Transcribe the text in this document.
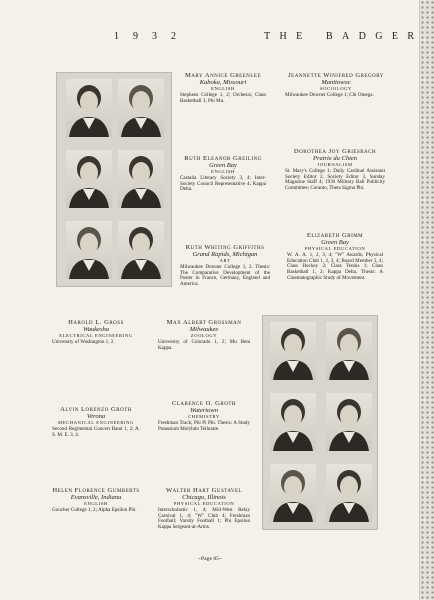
1 9 3 2	T H E
B A D G E R
Mary Annice Greenlee
Kahoka, Missouri
ENGLISH
Stephens College 1, 2; Orchesis; Class Basketball 3; Phi Mu.
Jeannette Winifred Gregory
Manitowoc
SOCIOLOGY
Milwaukee Downer College 1; Chi Omega.
Ruth Eleanor Greiling
Green Bay
ENGLISH
Castalia Literary Society 3, 4; Inter-Society Council Representative 4; Kappa Delta.
Dorothea Joy Griesbach
Prairie du Chien
JOURNALISM
St. Mary's College 1; Daily Cardinal Assistant Society Editor 2, Society Editor 3, Sunday Magazine Staff 4; 1930 Military Ball Publicity Committee; Coranto, Theta Sigma Phi.
Ruth Whiting Griffiths
Grand Rapids, Michigan
ART
Milwaukee Downer College 1, 2. Thesis: The Comparative Development of the Poster in France, Germany, England and America.
Elizabeth Grimm
Green Bay
PHYSICAL EDUCATION
W. A. A. 1, 2, 3, 4; "W" Awards; Physical Education Club 1, 2, 3, 4; Board Member 3, 4; Class Hockey 2; Class Tennis 1; Class Basketball 1, 2; Kappa Delta. Thesis: A Cinematographic Study of Movement.
Harold L. Gross
Waukesha
ELECTRICAL ENGINEERING
University of Washington 1, 2.
Max Albert Grossman
Milwaukee
ZOOLOGY
University of Colorado 1, 2; Mu Beta Kappa.
Alvin Lorenzo Groth
Verona
MECHANICAL ENGINEERING
Second Regimental Concert Band 1, 2; A. S. M. E. 3, 4.
Clarence O. Groth
Watertown
CHEMISTRY
Freshman Track; Phi Pi Phi. Thesis: A Study Potassium Molybdo Tellurate.
Helen Florence Gumberts
Evansville, Indiana
ENGLISH
Goucher College 1, 2; Alpha Epsilon Phi.
Walter Hart Gustavel
Chicago, Illinois
PHYSICAL EDUCATION
Interscholastic 1, 4; Mid-West Relay Carnival 1, 4; "W" Club 4; Freshman Football; Varsity Football 1; Phi Epsilon Kappa Sergeant-at-Arms.
~Page 85~
